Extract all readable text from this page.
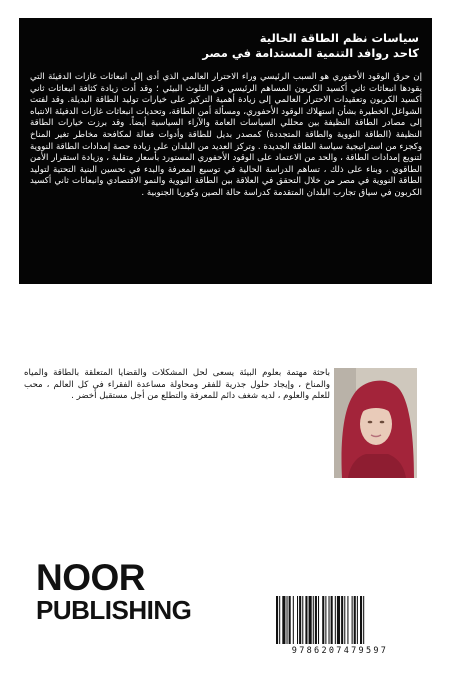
سياسات نظم الطاقة الحالية
كاحد روافد التنمية المستدامة في مصر
إن حرق الوقود الأحفوري هو السبب الرئيسي وراء الاحترار العالمي الذي أدى إلى انبعاثات غازات الدفيئة التي يقودها انبعاثات ثاني أكسيد الكربون المساهم الرئيسي في التلوث البيئي ؛ وقد أدت زيادة كثافة انبعاثات ثاني أكسيد الكربون وتعقيدات الاحترار العالمي إلى زيادة أهمية التركيز على خيارات توليد الطاقة البديلة. وقد لفتت الشواغل الخطيرة بشأن استهلاك الوقود الأحفوري، ومسألة أمن الطاقة، وتحديات انبعاثات غازات الدفيئة الانتباه إلى مصادر الطاقة النظيفة بين محللي السياسات العامة والآراء السياسية أيضاً. وقد برزت خيارات الطاقة النظيفة (الطاقة النووية والطاقة المتجددة) كمصدر بديل للطاقة وأدوات فعالة لمكافحة مخاطر تغير المناخ وكجزء من استراتيجية سياسة الطاقة الجديدة . وتركز العديد من البلدان على زيادة حصة إمدادات الطاقة النووية لتنويع إمدادات الطاقة ، والحد من الاعتماد على الوقود الأحفوري المستورد بأسعار متقلبة ، وزيادة استقرار الأمن الطاقوي ، وبناء على ذلك ، تساهم الدراسة الحالية في توسيع المعرفة والبدء في تحسين البنية التحتية لتوليد الطاقة النووية في مصر من خلال التحقق في العلاقة بين الطاقة النووية والنمو الاقتصادي وانبعاثات ثاني أكسيد الكربون في سياق تجارب البلدان المتقدمة كدراسة حالة الصين وكوريا الجنوبية .
باحثة مهتمة بعلوم البيئة يسعى لحل المشكلات والقضايا المتعلقة بالطاقة والمياه والمناخ ، وإيجاد حلول جذرية للفقر ومحاولة مساعدة الفقراء في كل العالم ، محب للعلم والعلوم ، لديه شغف دائم للمعرفة والتطلع من أجل مستقبل أخضر .
NOOR
PUBLISHING
9786207479597
